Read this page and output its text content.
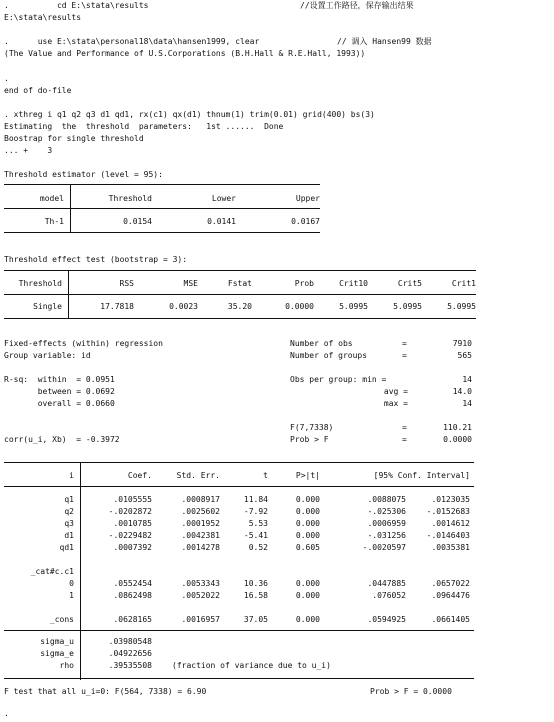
.          cd E:\stata\results	//设置工作路径，保存输出结果
E:\stata\results
.      use E:\stata\personal18\data\hansen1999, clear	// 调入 Hansen99 数据
(The Value and Performance of U.S.Corporations (B.H.Hall & R.E.Hall, 1993))
.
end of do-file
. xthreg i q1 q2 q3 d1 qd1, rx(c1) qx(d1) thnum(1) trim(0.01) grid(400) bs(3)
Estimating  the  threshold  parameters:   1st ......  Done
Boostrap for single threshold
... +    3
Threshold estimator (level = 95):
model	Threshold	Lower	Upper
Th-1	0.0154	0.0141	0.0167
Threshold effect test (bootstrap = 3):
Threshold	RSS	MSE	Fstat	Prob	Crit10	Crit5	Crit1
Single	17.7818	0.0023	35.20	0.0000	5.0995	5.0995	5.0995
Fixed-effects (within) regression
Group variable: id
Number of obs	=	7910
Number of groups	=	565
R-sq:  within  = 0.0951
between = 0.0692
overall = 0.0660
Obs per group: min =	14
avg =	14.0
max =	14
F(7,7338)	=	110.21
corr(u_i, Xb)  = -0.3972	Prob > F	=	0.0000
i	Coef.	Std. Err.	t	P>|t|	[95% Conf. Interval]
q1	.0105555	.0008917	11.84	0.000	.0088075	.0123035
q2	-.0202872	.0025602	-7.92	0.000	-.025306	-.0152683
q3	.0010785	.0001952	5.53	0.000	.0006959	.0014612
d1	-.0229482	.0042381	-5.41	0.000	-.031256	-.0146403
qd1	.0007392	.0014278	0.52	0.605	-.0020597	.0035381
_cat#c.c1
0	.0552454	.0053343	10.36	0.000	.0447885	.0657022
1	.0862498	.0052022	16.58	0.000	.076052	.0964476
_cons	.0628165	.0016957	37.05	0.000	.0594925	.0661405
sigma_u	.03980548
sigma_e	.04922656
rho	.39535508	(fraction of variance due to u_i)
F test that all u_i=0: F(564, 7338) = 6.90	Prob > F = 0.0000
.
